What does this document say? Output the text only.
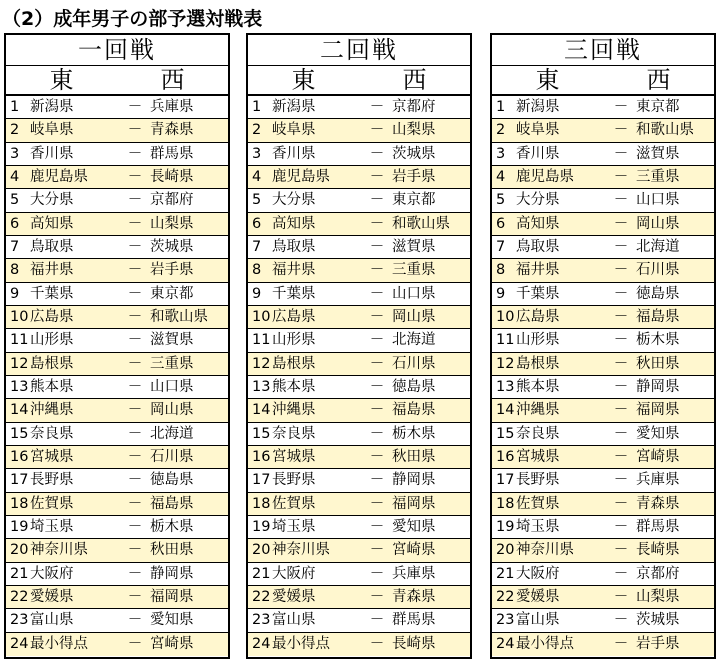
（2）成年男子の部予選対戦表
一回戦
東	西
1 新潟県	－ 兵庫県
2 岐阜県	－ 青森県
3 香川県	－ 群馬県
4 鹿児島県	－ 長崎県
5 大分県	－ 京都府
6 高知県	－ 山梨県
7 鳥取県	－ 茨城県
8 福井県	－ 岩手県
9 千葉県	－ 東京都
10 広島県	－ 和歌山県
11 山形県	－ 滋賀県
12 島根県	－ 三重県
13 熊本県	－ 山口県
14 沖縄県	－ 岡山県
15 奈良県	－ 北海道
16 宮城県	－ 石川県
17 長野県	－ 徳島県
18 佐賀県	－ 福島県
19 埼玉県	－ 栃木県
20 神奈川県	－ 秋田県
21 大阪府	－ 静岡県
22 愛媛県	－ 福岡県
23 富山県	－ 愛知県
24 最小得点	－ 宮崎県
二回戦
東	西
1 新潟県	－ 京都府
2 岐阜県	－ 山梨県
3 香川県	－ 茨城県
4 鹿児島県	－ 岩手県
5 大分県	－ 東京都
6 高知県	－ 和歌山県
7 鳥取県	－ 滋賀県
8 福井県	－ 三重県
9 千葉県	－ 山口県
10 広島県	－ 岡山県
11 山形県	－ 北海道
12 島根県	－ 石川県
13 熊本県	－ 徳島県
14 沖縄県	－ 福島県
15 奈良県	－ 栃木県
16 宮城県	－ 秋田県
17 長野県	－ 静岡県
18 佐賀県	－ 福岡県
19 埼玉県	－ 愛知県
20 神奈川県	－ 宮崎県
21 大阪府	－ 兵庫県
22 愛媛県	－ 青森県
23 富山県	－ 群馬県
24 最小得点	－ 長崎県
三回戦
東	西
1 新潟県	－ 東京都
2 岐阜県	－ 和歌山県
3 香川県	－ 滋賀県
4 鹿児島県	－ 三重県
5 大分県	－ 山口県
6 高知県	－ 岡山県
7 鳥取県	－ 北海道
8 福井県	－ 石川県
9 千葉県	－ 徳島県
10 広島県	－ 福島県
11 山形県	－ 栃木県
12 島根県	－ 秋田県
13 熊本県	－ 静岡県
14 沖縄県	－ 福岡県
15 奈良県	－ 愛知県
16 宮城県	－ 宮崎県
17 長野県	－ 兵庫県
18 佐賀県	－ 青森県
19 埼玉県	－ 群馬県
20 神奈川県	－ 長崎県
21 大阪府	－ 京都府
22 愛媛県	－ 山梨県
23 富山県	－ 茨城県
24 最小得点	－ 岩手県
